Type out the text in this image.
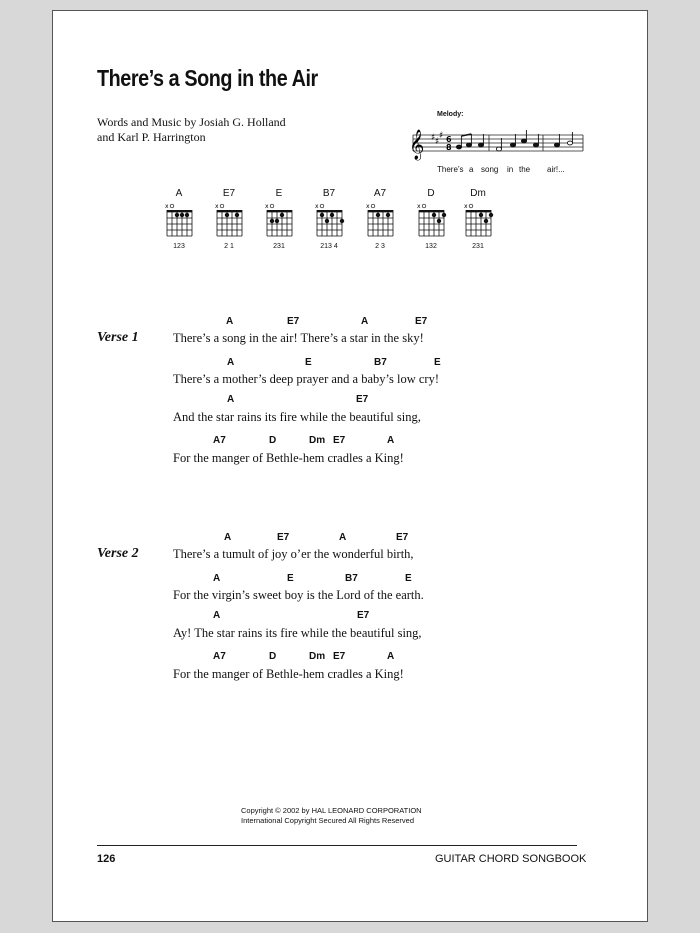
There’s a Song in the Air
Words and Music by Josiah G. Holland
and Karl P. Harrington
Melody:
𝄞 ♯ ♯
♯ 6
8
There’s a song in the air!...
A
x
123
E7
x
2 1
E
x
231
B7
x
213 4
A7
x
2 3
D
x
132
Dm
x
231
Verse 1
A	E7	A	E7
There’s a song in the air! There’s a star in the sky!
A	E	B7	E
There’s a mother’s deep prayer and a baby’s low cry!
A	E7
And the star rains its fire while the beautiful sing,
A7	D	Dm E7	A
For the manger of Bethle-hem cradles a King!
Verse 2
A	E7	A	E7
There’s a tumult of joy o’er the wonderful birth,
A	E	B7	E
For the virgin’s sweet boy is the Lord of the earth.
A	E7
Ay! The star rains its fire while the beautiful sing,
A7	D	Dm E7	A
For the manger of Bethle-hem cradles a King!
Copyright © 2002 by HAL LEONARD CORPORATION
International Copyright Secured All Rights Reserved
126	GUITAR CHORD SONGBOOK
